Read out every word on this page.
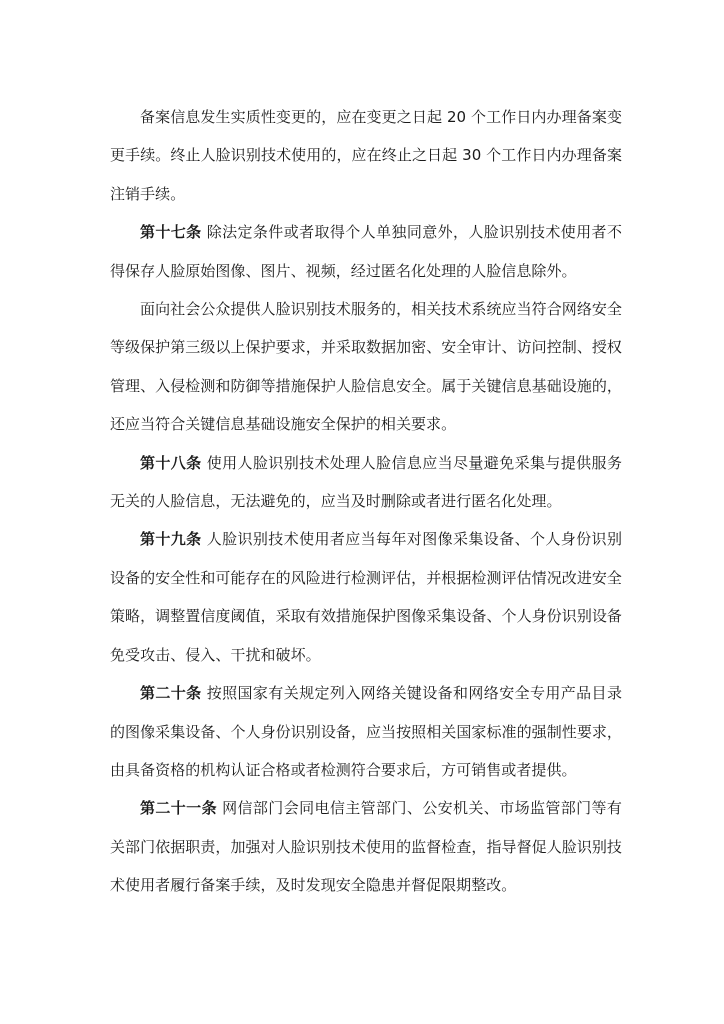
备案信息发生实质性变更的，应在变更之日起 20 个工作日内办理备案变更手续。终止人脸识别技术使用的，应在终止之日起 30 个工作日内办理备案注销手续。

第十七条 除法定条件或者取得个人单独同意外，人脸识别技术使用者不得保存人脸原始图像、图片、视频，经过匿名化处理的人脸信息除外。

面向社会公众提供人脸识别技术服务的，相关技术系统应当符合网络安全等级保护第三级以上保护要求，并采取数据加密、安全审计、访问控制、授权管理、入侵检测和防御等措施保护人脸信息安全。属于关键信息基础设施的，还应当符合关键信息基础设施安全保护的相关要求。

第十八条 使用人脸识别技术处理人脸信息应当尽量避免采集与提供服务无关的人脸信息，无法避免的，应当及时删除或者进行匿名化处理。

第十九条 人脸识别技术使用者应当每年对图像采集设备、个人身份识别设备的安全性和可能存在的风险进行检测评估，并根据检测评估情况改进安全策略，调整置信度阈值，采取有效措施保护图像采集设备、个人身份识别设备免受攻击、侵入、干扰和破坏。

第二十条 按照国家有关规定列入网络关键设备和网络安全专用产品目录的图像采集设备、个人身份识别设备，应当按照相关国家标准的强制性要求，由具备资格的机构认证合格或者检测符合要求后，方可销售或者提供。

第二十一条 网信部门会同电信主管部门、公安机关、市场监管部门等有关部门依据职责，加强对人脸识别技术使用的监督检查，指导督促人脸识别技术使用者履行备案手续，及时发现安全隐患并督促限期整改。
